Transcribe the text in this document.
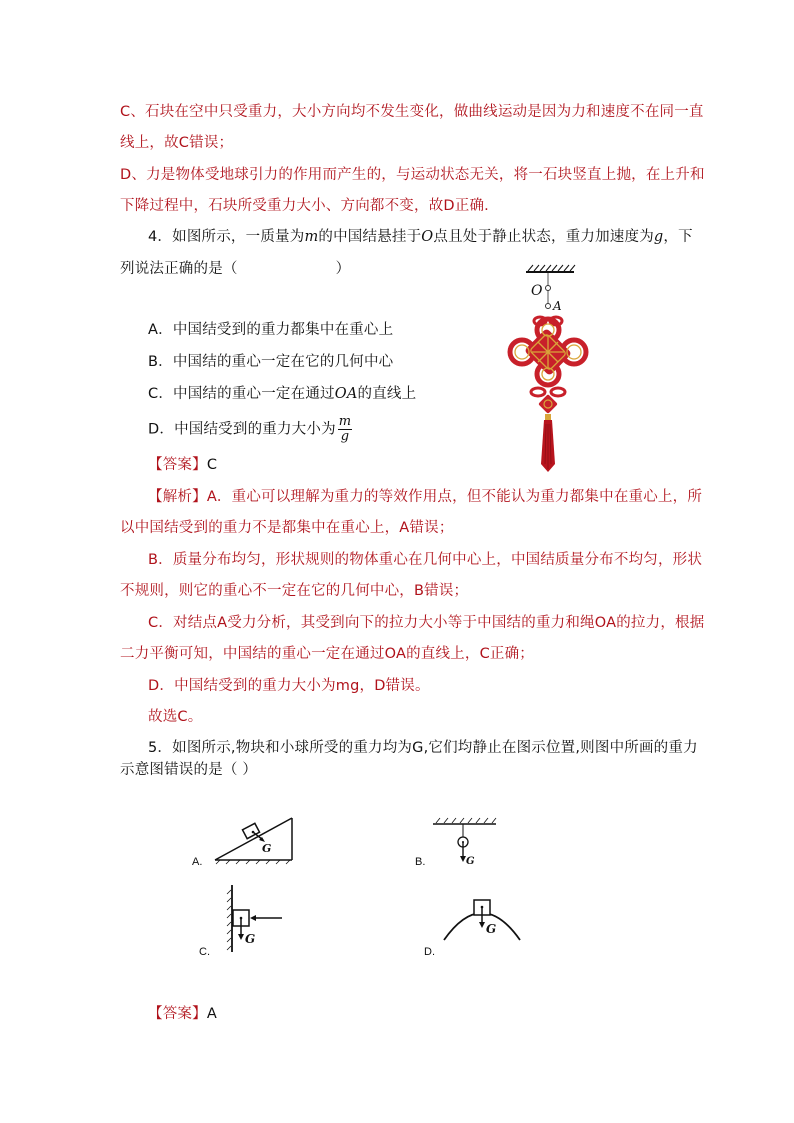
C、石块在空中只受重力，大小方向均不发生变化，做曲线运动是因为力和速度不在同一直
线上，故C错误；
D、力是物体受地球引力的作用而产生的，与运动状态无关，将一石块竖直上抛，在上升和
下降过程中，石块所受重力大小、方向都不变，故D正确.
4．如图所示，一质量为m的中国结悬挂于O点且处于静止状态，重力加速度为g，下
列说法正确的是（	）
A．中国结受到的重力都集中在重心上
B．中国结的重心一定在它的几何中心
C．中国结的重心一定在通过OA的直线上
D．中国结受到的重力大小为 $\frac{m}{g}$
【答案】C
【解析】A．重心可以理解为重力的等效作用点，但不能认为重力都集中在重心上，所
以中国结受到的重力不是都集中在重心上，A错误；
B．质量分布均匀，形状规则的物体重心在几何中心上，中国结质量分布不均匀，形状
不规则，则它的重心不一定在它的几何中心，B错误；
C．对结点A受力分析，其受到向下的拉力大小等于中国结的重力和绳OA的拉力，根据
二力平衡可知，中国结的重心一定在通过OA的直线上，C正确；
D．中国结受到的重力大小为mg，D错误。
故选C。
O
A
5．如图所示,物块和小球所受的重力均为G,它们均静止在图示位置,则图中所画的重力
示意图错误的是（ ）
G
A.	G
B.
G
C.
G
D.
【答案】A
